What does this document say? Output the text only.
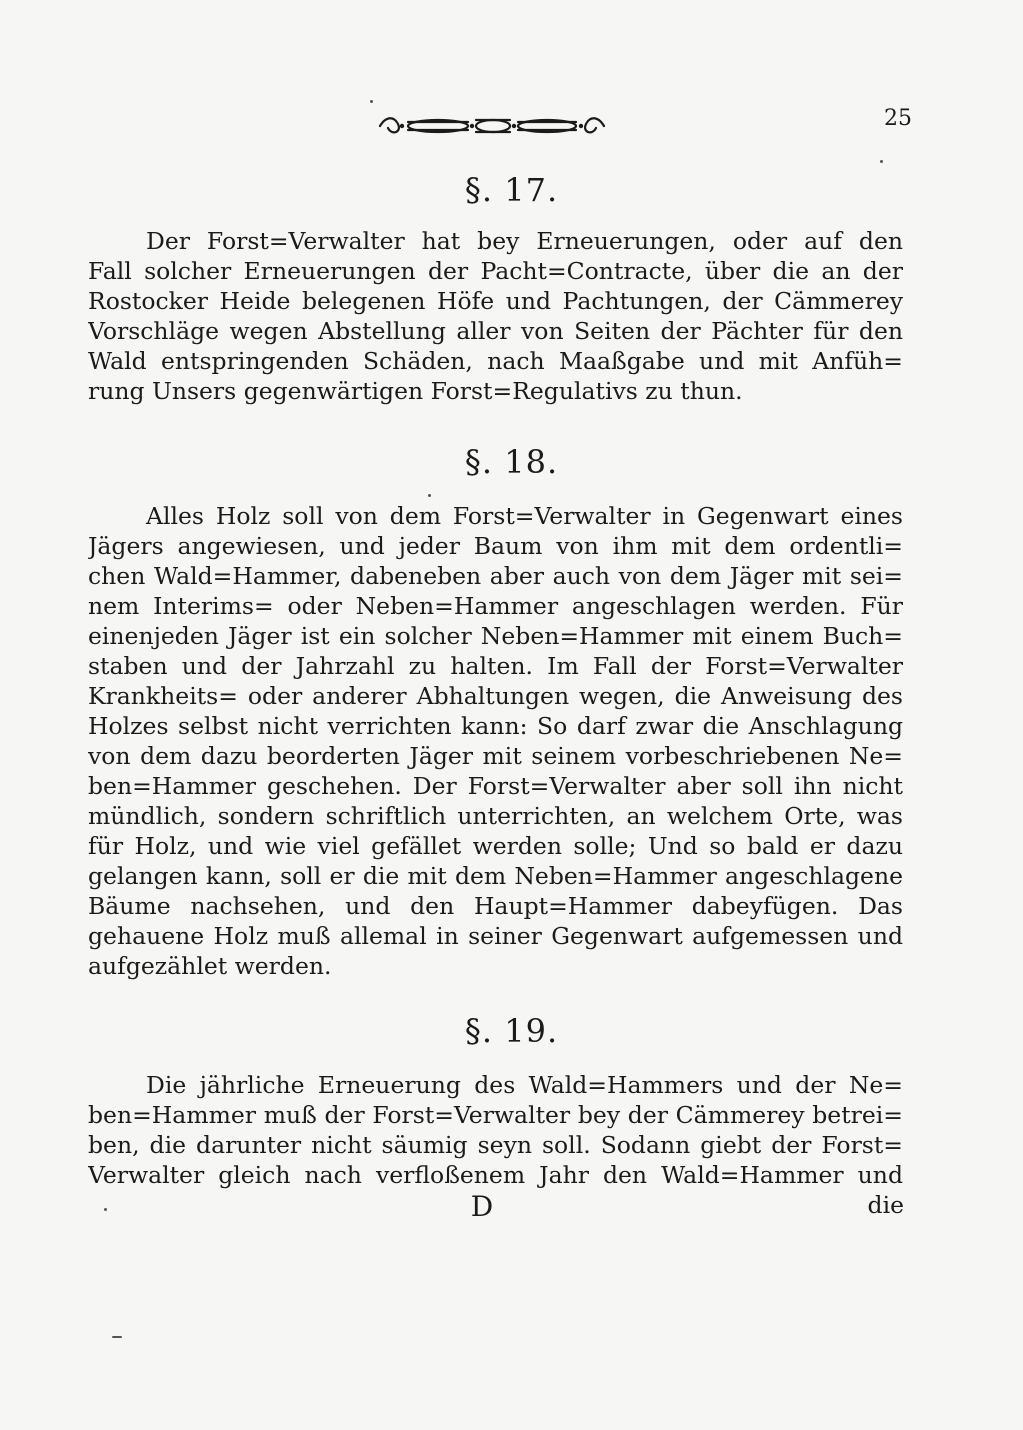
25
§. 17.
Der Forst=Verwalter hat bey Erneuerungen, oder auf den
Fall solcher Erneuerungen der Pacht=Contracte, über die an der
Rostocker Heide belegenen Höfe und Pachtungen, der Cämmerey
Vorschläge wegen Abstellung aller von Seiten der Pächter für den
Wald entspringenden Schäden, nach Maaßgabe und mit Anfüh=
rung Unsers gegenwärtigen Forst=Regulativs zu thun.
§. 18.
Alles Holz soll von dem Forst=Verwalter in Gegenwart eines
Jägers angewiesen, und jeder Baum von ihm mit dem ordentli=
chen Wald=Hammer, dabeneben aber auch von dem Jäger mit sei=
nem Interims= oder Neben=Hammer angeschlagen werden. Für
einenjeden Jäger ist ein solcher Neben=Hammer mit einem Buch=
staben und der Jahrzahl zu halten. Im Fall der Forst=Verwalter
Krankheits= oder anderer Abhaltungen wegen, die Anweisung des
Holzes selbst nicht verrichten kann: So darf zwar die Anschlagung
von dem dazu beorderten Jäger mit seinem vorbeschriebenen Ne=
ben=Hammer geschehen. Der Forst=Verwalter aber soll ihn nicht
mündlich, sondern schriftlich unterrichten, an welchem Orte, was
für Holz, und wie viel gefället werden solle; Und so bald er dazu
gelangen kann, soll er die mit dem Neben=Hammer angeschlagene
Bäume nachsehen, und den Haupt=Hammer dabeyfügen. Das
gehauene Holz muß allemal in seiner Gegenwart aufgemessen und
aufgezählet werden.
§. 19.
Die jährliche Erneuerung des Wald=Hammers und der Ne=
ben=Hammer muß der Forst=Verwalter bey der Cämmerey betrei=
ben, die darunter nicht säumig seyn soll. Sodann giebt der Forst=
Verwalter gleich nach verfloßenem Jahr den Wald=Hammer und
D	die
